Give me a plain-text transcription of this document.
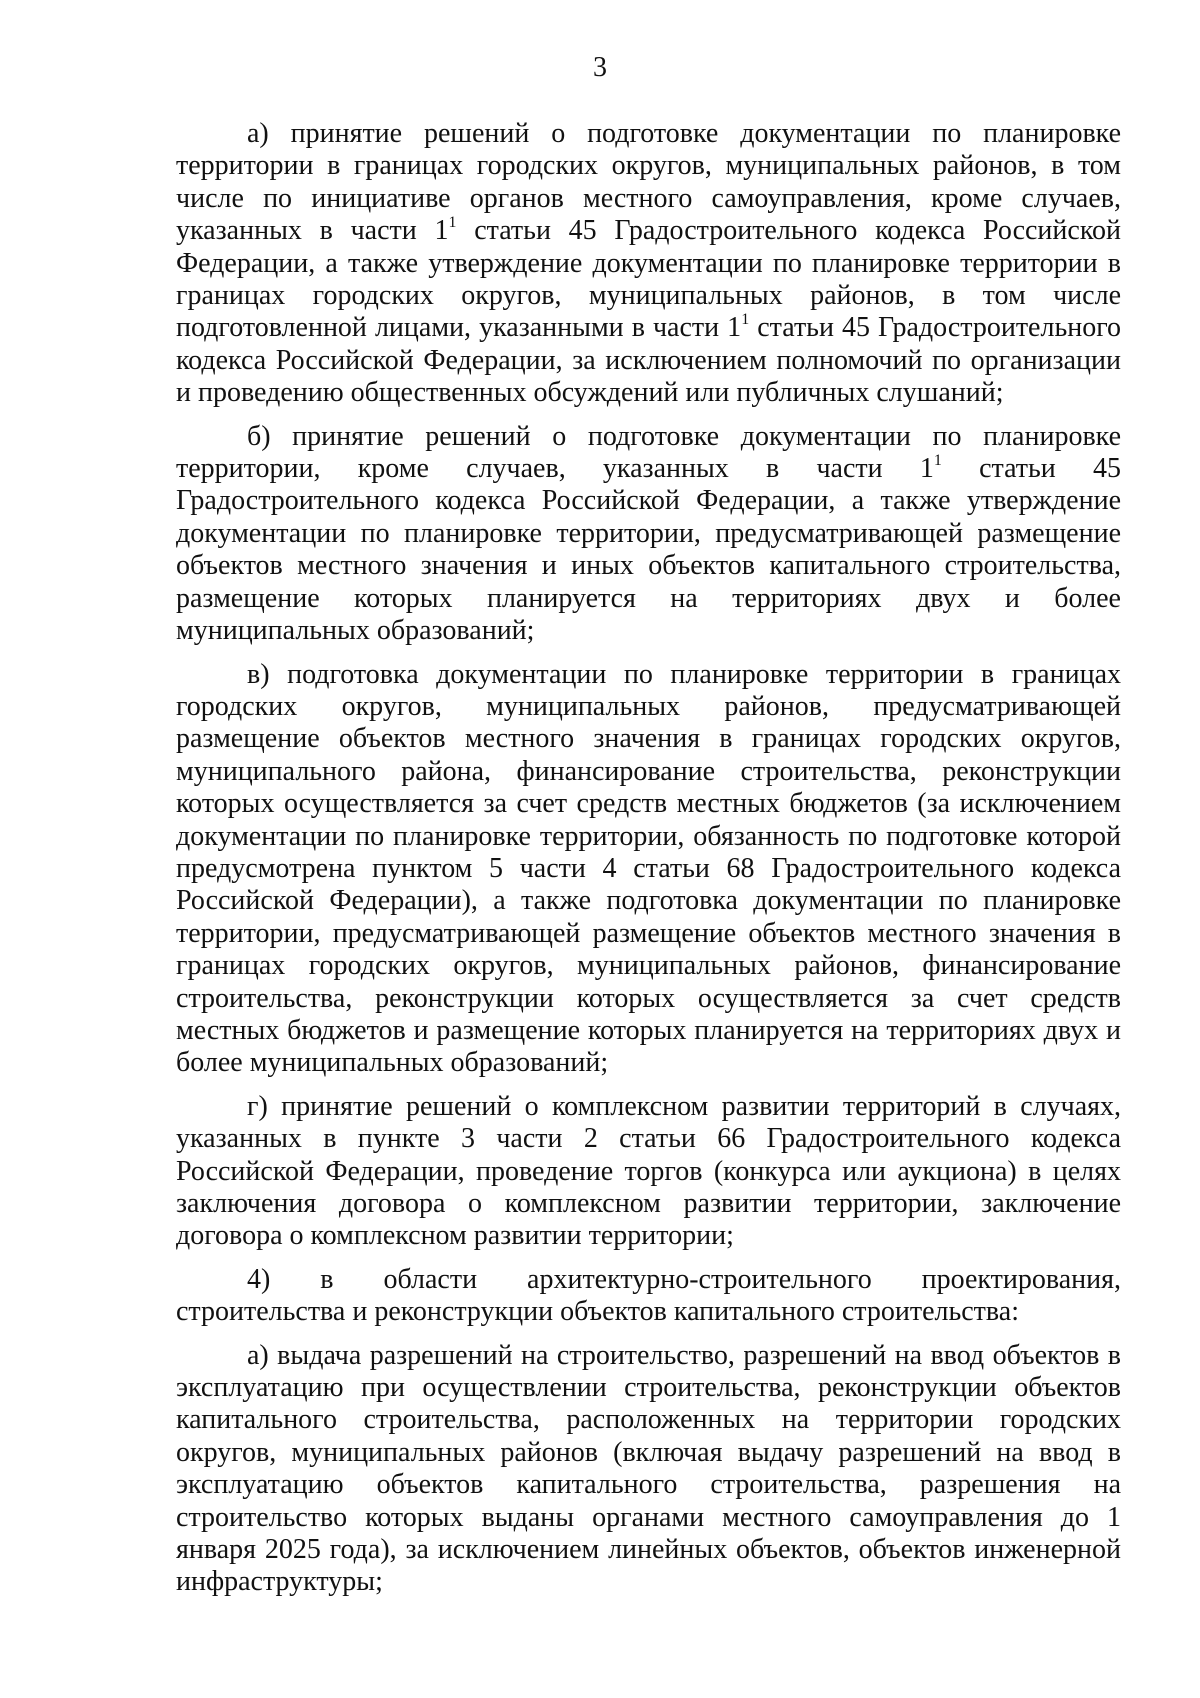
3

а) принятие решений о подготовке документации по планировке территории в границах городских округов, муниципальных районов, в том числе по инициативе органов местного самоуправления, кроме случаев, указанных в части $1^1$ статьи 45 Градостроительного кодекса Российской Федерации, а также утверждение документации по планировке территории в границах городских округов, муниципальных районов, в том числе подготовленной лицами, указанными в части $1^1$ статьи 45 Градостроительного кодекса Российской Федерации, за исключением полномочий по организации и проведению общественных обсуждений или публичных слушаний;

б) принятие решений о подготовке документации по планировке территории, кроме случаев, указанных в части $1^1$ статьи 45 Градостроительного кодекса Российской Федерации, а также утверждение документации по планировке территории, предусматривающей размещение объектов местного значения и иных объектов капитального строительства, размещение которых планируется на территориях двух и более муниципальных образований;

в) подготовка документации по планировке территории в границах городских округов, муниципальных районов, предусматривающей размещение объектов местного значения в границах городских округов, муниципального района, финансирование строительства, реконструкции которых осуществляется за счет средств местных бюджетов (за исключением документации по планировке территории, обязанность по подготовке которой предусмотрена пунктом 5 части 4 статьи 68 Градостроительного кодекса Российской Федерации), а также подготовка документации по планировке территории, предусматривающей размещение объектов местного значения в границах городских округов, муниципальных районов, финансирование строительства, реконструкции которых осуществляется за счет средств местных бюджетов и размещение которых планируется на территориях двух и более муниципальных образований;

г) принятие решений о комплексном развитии территорий в случаях, указанных в пункте 3 части 2 статьи 66 Градостроительного кодекса Российской Федерации, проведение торгов (конкурса или аукциона) в целях заключения договора о комплексном развитии территории, заключение договора о комплексном развитии территории;

4) в области архитектурно-строительного проектирования, строительства и реконструкции объектов капитального строительства:

а) выдача разрешений на строительство, разрешений на ввод объектов в эксплуатацию при осуществлении строительства, реконструкции объектов капитального строительства, расположенных на территории городских округов, муниципальных районов (включая выдачу разрешений на ввод в эксплуатацию объектов капитального строительства, разрешения на строительство которых выданы органами местного самоуправления до 1 января 2025 года), за исключением линейных объектов, объектов инженерной инфраструктуры;
